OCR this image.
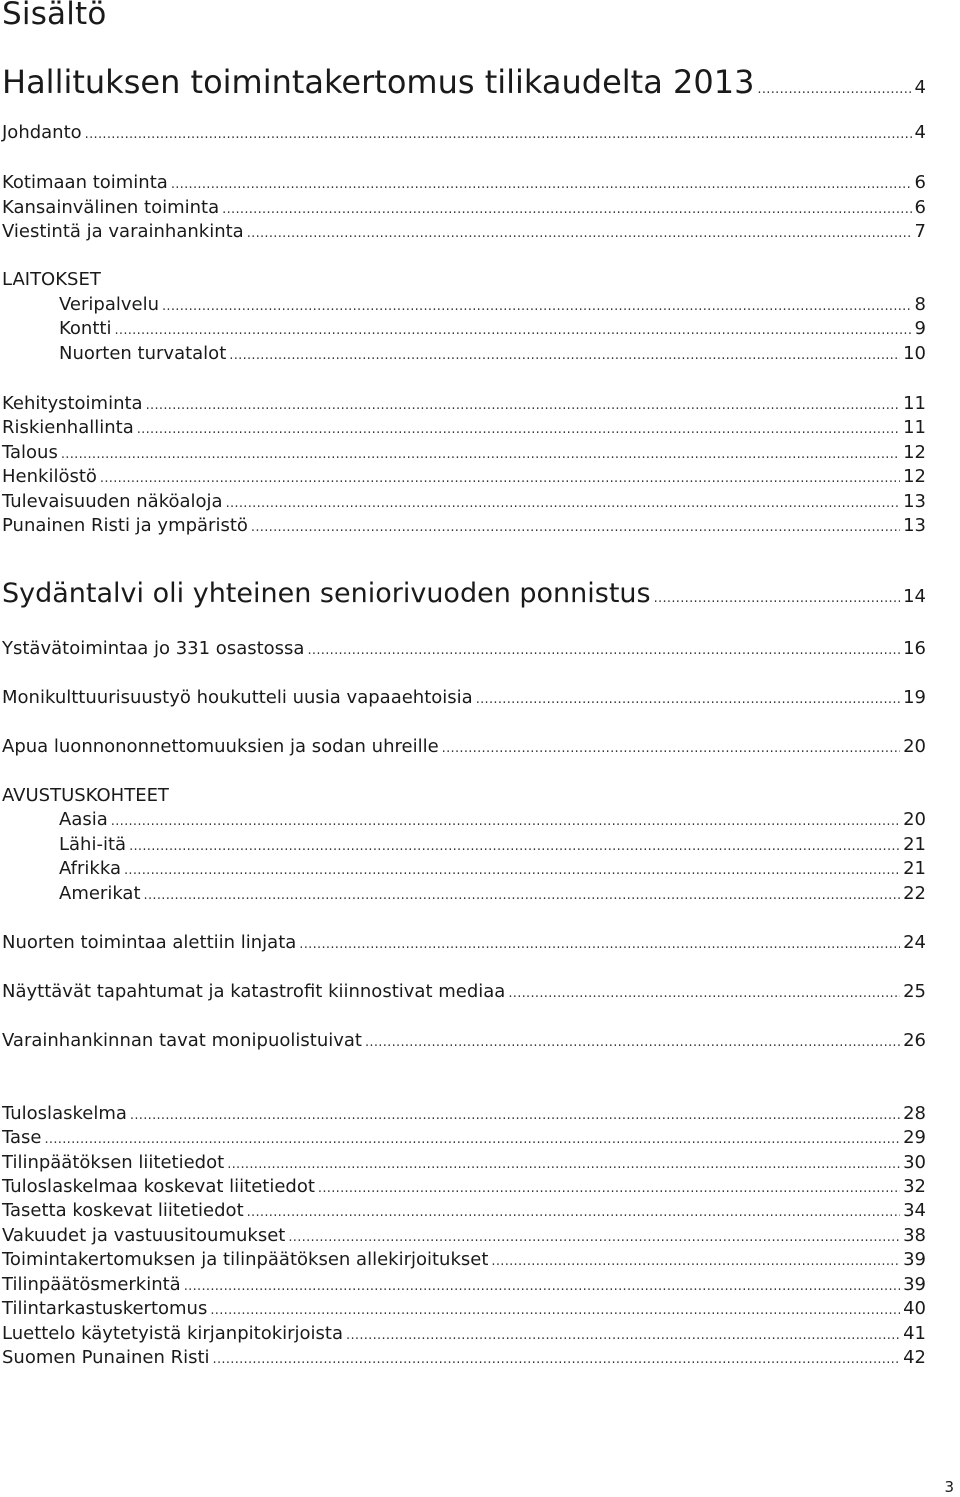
Sisältö
Hallituksen toimintakertomus tilikaudelta 2013 .....	4
Johdanto .....	4
Kotimaan toiminta .....	6
Kansainvälinen toiminta .....	6
Viestintä ja varainhankinta .....	7
LAITOKSET
Veripalvelu .....	8
Kontti .....	9
Nuorten turvatalot .....	10
Kehitystoiminta .....	11
Riskienhallinta .....	11
Talous .....	12
Henkilöstö .....	12
Tulevaisuuden näköaloja .....	13
Punainen Risti ja ympäristö .....	13
Sydäntalvi oli yhteinen seniorivuoden ponnistus .....	14
Ystävätoimintaa jo 331 osastossa .....	16
Monikulttuurisuustyö houkutteli uusia vapaaehtoisia .....	19
Apua luonnononnettomuuksien ja sodan uhreille .....	20
AVUSTUSKOHTEET
Aasia .....	20
Lähi-itä .....	21
Afrikka .....	21
Amerikat .....	22
Nuorten toimintaa alettiin linjata .....	24
Näyttävät tapahtumat ja katastrofit kiinnostivat mediaa .....	25
Varainhankinnan tavat monipuolistuivat .....	26
Tuloslaskelma .....	28
Tase .....	29
Tilinpäätöksen liitetiedot .....	30
Tuloslaskelmaa koskevat liitetiedot .....	32
Tasetta koskevat liitetiedot .....	34
Vakuudet ja vastuusitoumukset .....	38
Toimintakertomuksen ja tilinpäätöksen allekirjoitukset .....	39
Tilinpäätösmerkintä .....	39
Tilintarkastuskertomus .....	40
Luettelo käytetyistä kirjanpitokirjoista .....	41
Suomen Punainen Risti .....	42
3
